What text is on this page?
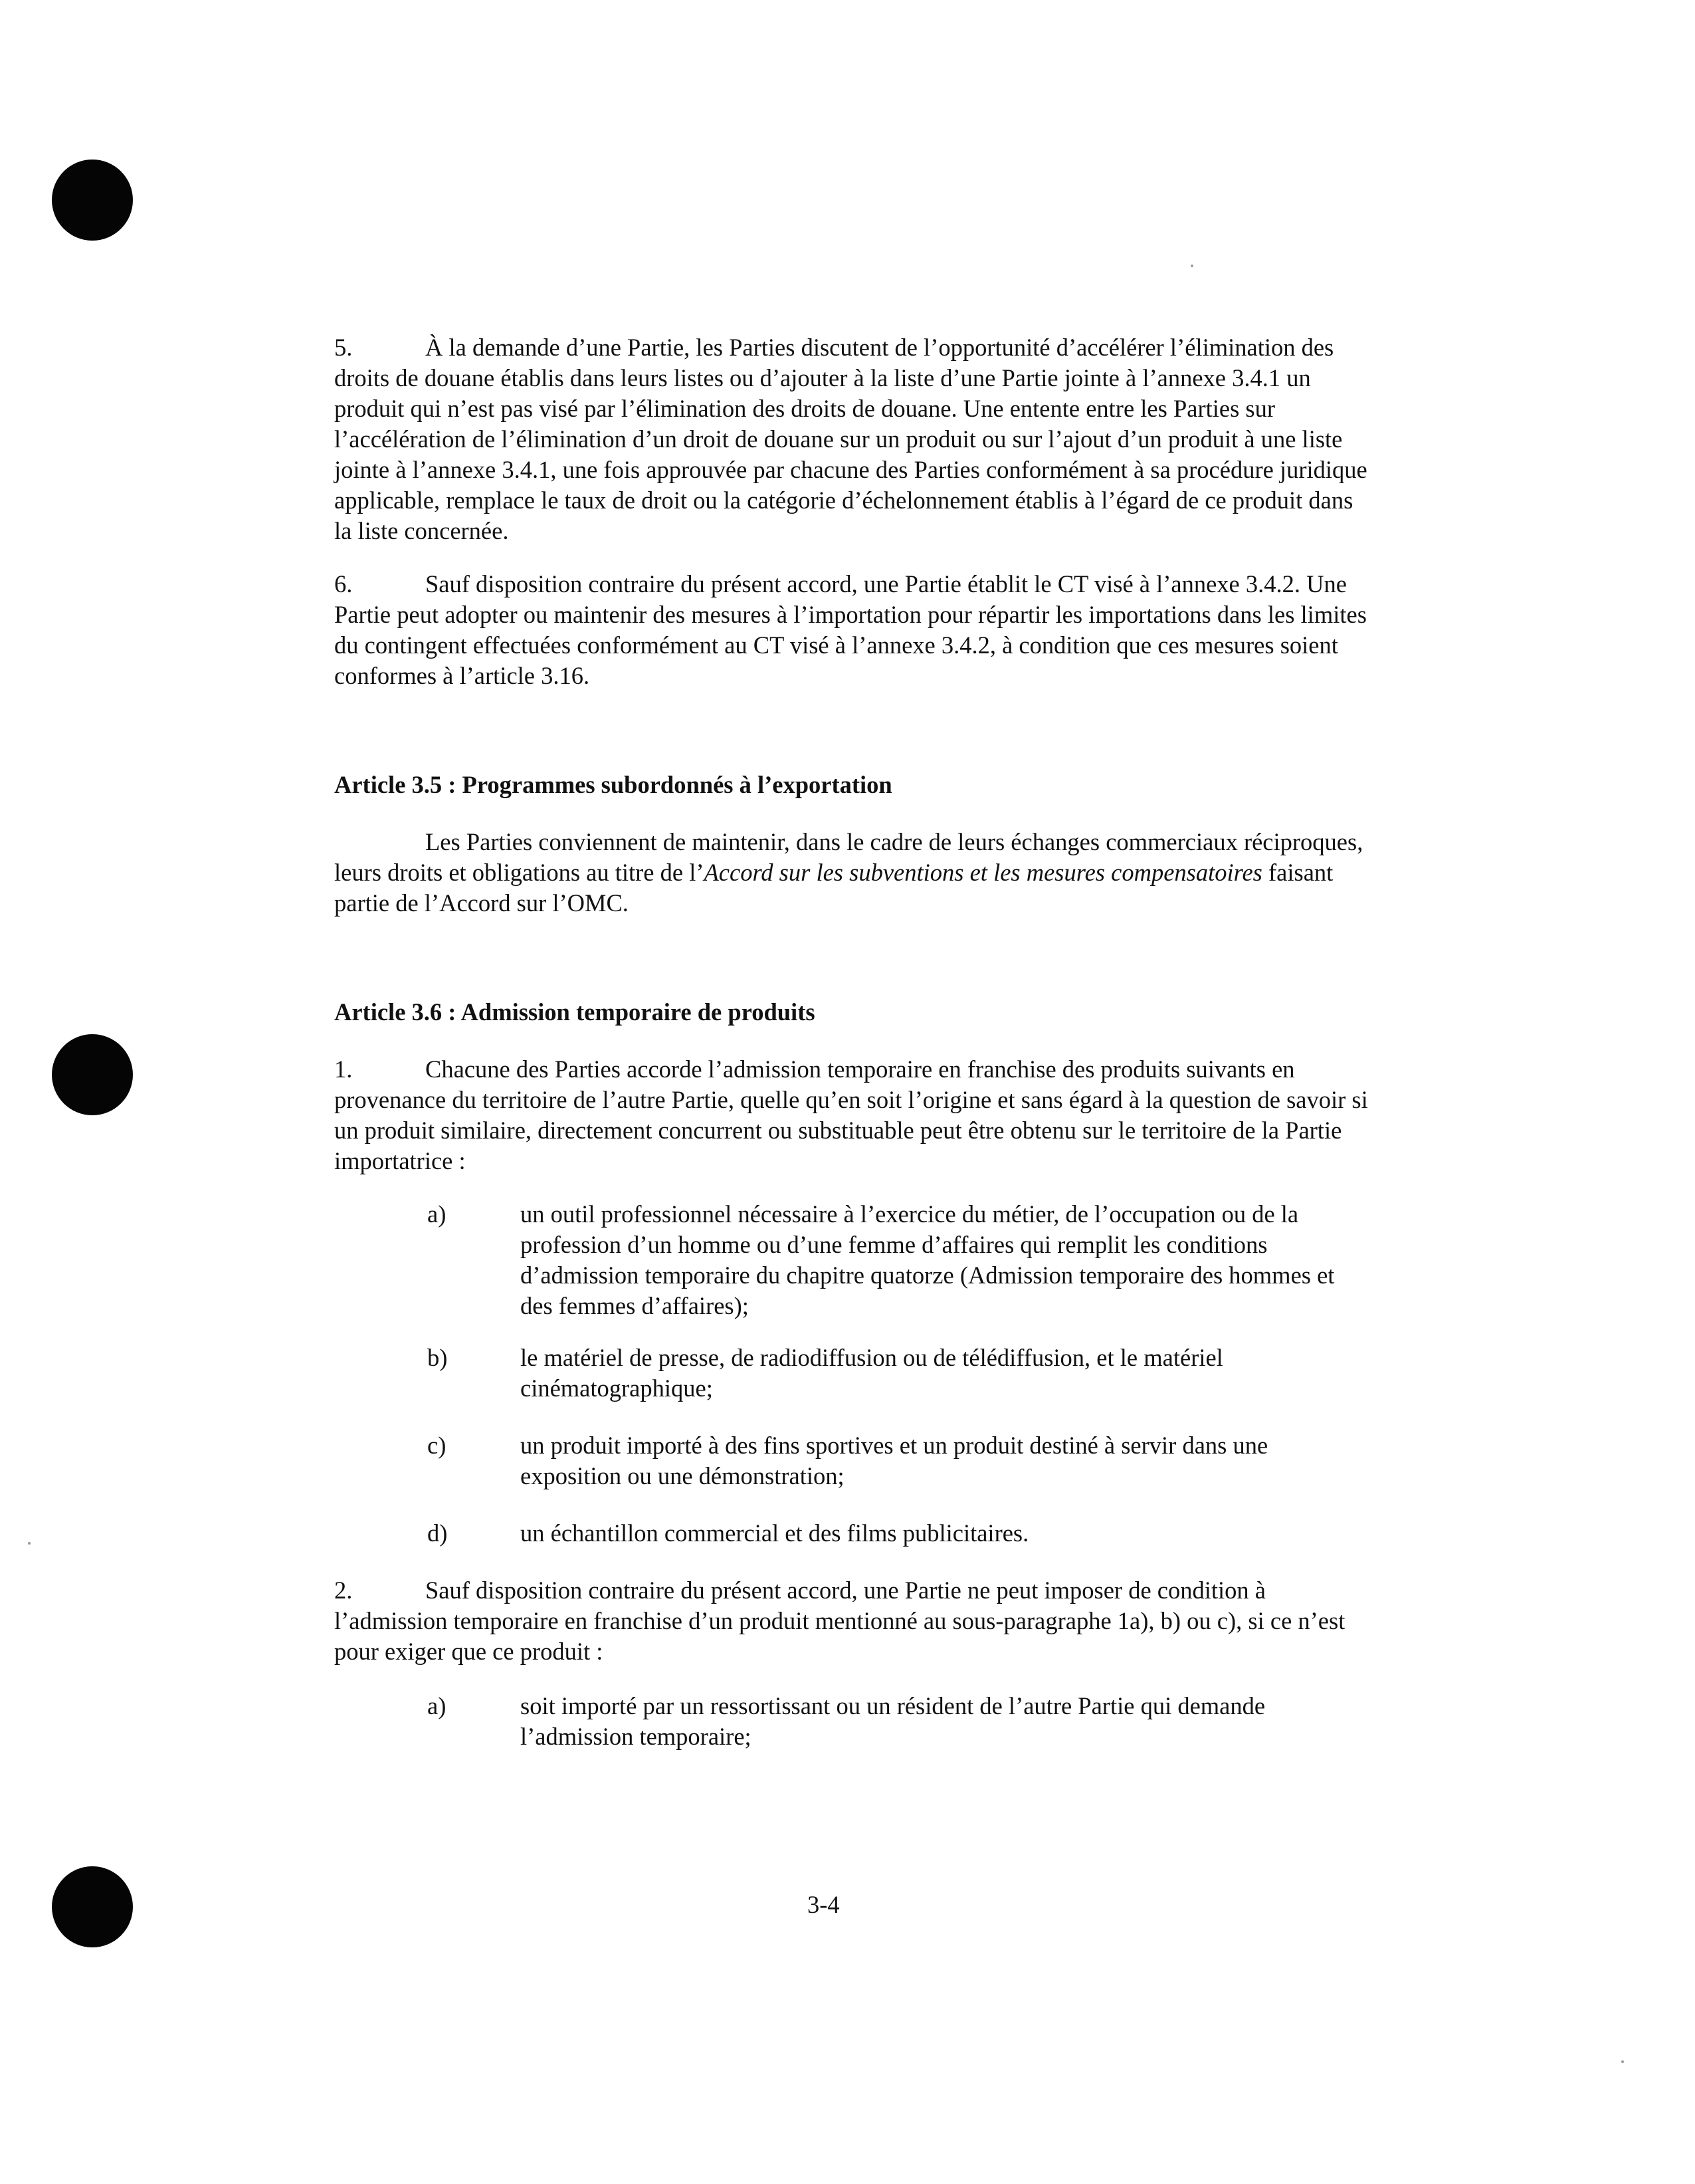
5.	À la demande d’une Partie, les Parties discutent de l’opportunité d’accélérer l’élimination des droits de douane établis dans leurs listes ou d’ajouter à la liste d’une Partie jointe à l’annexe 3.4.1 un produit qui n’est pas visé par l’élimination des droits de douane. Une entente entre les Parties sur l’accélération de l’élimination d’un droit de douane sur un produit ou sur l’ajout d’un produit à une liste jointe à l’annexe 3.4.1, une fois approuvée par chacune des Parties conformément à sa procédure juridique applicable, remplace le taux de droit ou la catégorie d’échelonnement établis à l’égard de ce produit dans la liste concernée.

6.	Sauf disposition contraire du présent accord, une Partie établit le CT visé à l’annexe 3.4.2. Une Partie peut adopter ou maintenir des mesures à l’importation pour répartir les importations dans les limites du contingent effectuées conformément au CT visé à l’annexe 3.4.2, à condition que ces mesures soient conformes à l’article 3.16.

Article 3.5 : Programmes subordonnés à l’exportation

Les Parties conviennent de maintenir, dans le cadre de leurs échanges commerciaux réciproques, leurs droits et obligations au titre de l’Accord sur les subventions et les mesures compensatoires faisant partie de l’Accord sur l’OMC.

Article 3.6 : Admission temporaire de produits

1.	Chacune des Parties accorde l’admission temporaire en franchise des produits suivants en provenance du territoire de l’autre Partie, quelle qu’en soit l’origine et sans égard à la question de savoir si un produit similaire, directement concurrent ou substituable peut être obtenu sur le territoire de la Partie importatrice :

a)	un outil professionnel nécessaire à l’exercice du métier, de l’occupation ou de la profession d’un homme ou d’une femme d’affaires qui remplit les conditions d’admission temporaire du chapitre quatorze (Admission temporaire des hommes et des femmes d’affaires);
b)	le matériel de presse, de radiodiffusion ou de télédiffusion, et le matériel cinématographique;
c)	un produit importé à des fins sportives et un produit destiné à servir dans une exposition ou une démonstration;
d)	un échantillon commercial et des films publicitaires.

2.	Sauf disposition contraire du présent accord, une Partie ne peut imposer de condition à l’admission temporaire en franchise d’un produit mentionné au sous-paragraphe 1a), b) ou c), si ce n’est pour exiger que ce produit :

a)	soit importé par un ressortissant ou un résident de l’autre Partie qui demande l’admission temporaire;

3-4
